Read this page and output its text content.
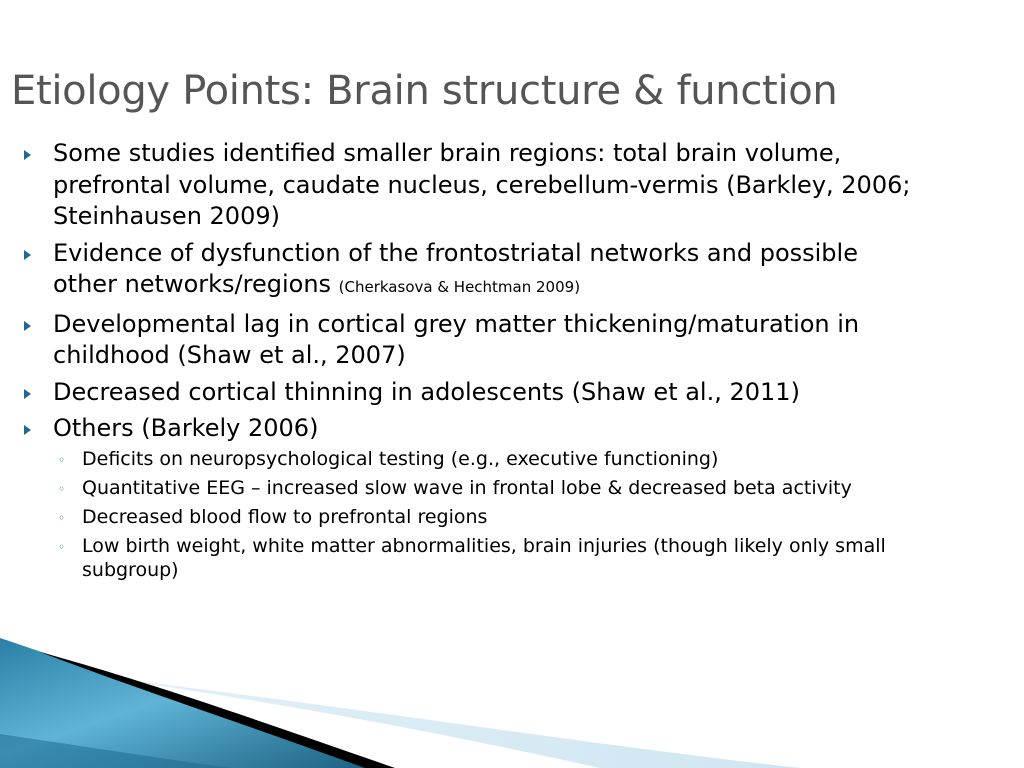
Etiology Points: Brain structure & function
Some studies identified smaller brain regions: total brain volume, prefrontal volume, caudate nucleus, cerebellum-vermis (Barkley, 2006; Steinhausen 2009)
Evidence of dysfunction of the frontostriatal networks and possible other networks/regions (Cherkasova & Hechtman 2009)
Developmental lag in cortical grey matter thickening/maturation in childhood (Shaw et al., 2007)
Decreased cortical thinning in adolescents (Shaw et al., 2011)
Others (Barkely 2006)
◦ Deficits on neuropsychological testing (e.g., executive functioning)
◦ Quantitative EEG – increased slow wave in frontal lobe & decreased beta activity
◦ Decreased blood flow to prefrontal regions
◦ Low birth weight, white matter abnormalities, brain injuries (though likely only small subgroup)
